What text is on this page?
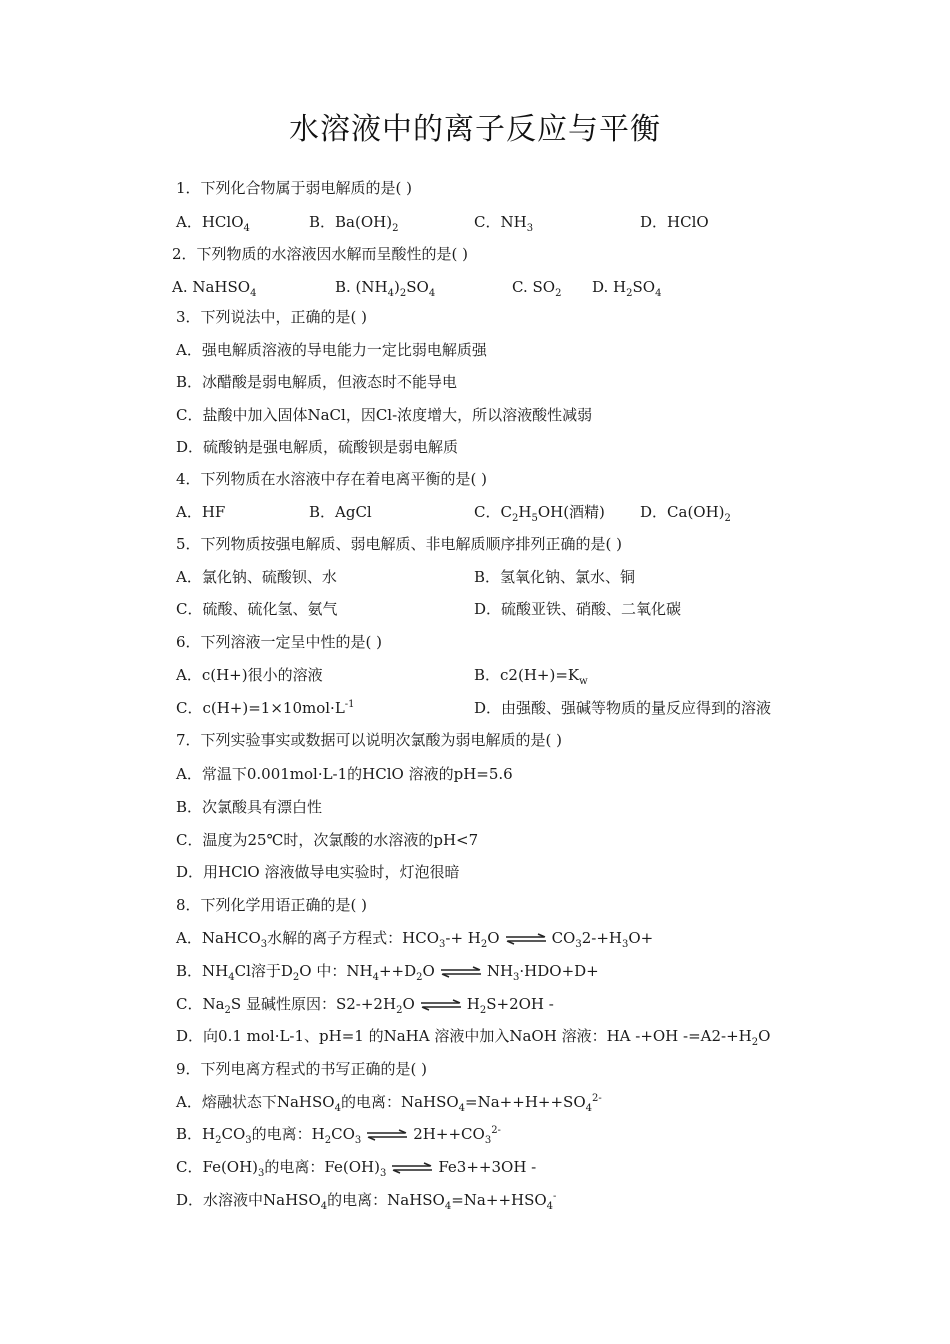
水溶液中的离子反应与平衡
1．下列化合物属于弱电解质的是( )
A．HClO$_4$	B．$Ba(OH)_2$	C．$NH_3$	D．HClO
2．下列物质的水溶液因水解而呈酸性的是( )
A. NaHSO$_4$	B. $(NH_4)_2SO_4$	C. $SO_2$ D. $H_2SO_4$
3．下列说法中，正确的是( )
A．强电解质溶液的导电能力一定比弱电解质强
B．冰醋酸是弱电解质，但液态时不能导电
C．盐酸中加入固体NaCl，因Cl-浓度增大，所以溶液酸性减弱
D．硫酸钠是强电解质，硫酸钡是弱电解质
4．下列物质在水溶液中存在着电离平衡的是( )
A．HF	B．AgCl	C．$C_2H_5OH$(酒精) D．$Ca(OH)_2$
5．下列物质按强电解质、弱电解质、非电解质顺序排列正确的是( )
A．氯化钠、硫酸钡、水	B．氢氧化钠、氯水、铜
C．硫酸、硫化氢、氨气	D．硫酸亚铁、硝酸、二氧化碳
6．下列溶液一定呈中性的是( )
A．c(H+)很小的溶液	B．$c2(H+)=K_w$
C．$c(H+)=1\times 10mol\cdot L^{-1}$	D．由强酸、强碱等物质的量反应得到的溶液
7．下列实验事实或数据可以说明次氯酸为弱电解质的是( )
A．常温下0.001mol·L-1的HClO 溶液的pH=5.6
B．次氯酸具有漂白性
C．温度为25℃时，次氯酸的水溶液的pH<7
D．用HClO 溶液做导电实验时，灯泡很暗
8．下列化学用语正确的是( )
A．NaHCO$_3$水解的离子方程式：$HCO_3-+ H_2O$	$CO_32-+H_3O+$
B．$NH_4Cl$溶于$D_2O$ 中：$NH_4++D_2O$	$NH_3\cdot HDO+D+$
C．$Na_2S$ 显碱性原因：$S2-+2H_2O$	$H_2S+2OH$ -
D．向0.1 mol·L-1、pH=1 的NaHA 溶液中加入NaOH 溶液：HA -+OH $-=A2-+H_2O$
9．下列电离方程式的书写正确的是( )
A．熔融状态下NaHSO$_4$的电离：$NaHSO_4=Na++H++SO_4^{2-}$
B．$H_2CO_3$的电离：$H_2CO_3$	$2H++CO_3^{2-}$
C．$Fe(OH)_3$的电离：$Fe(OH)_3$	Fe3++3OH -
D．水溶液中NaHSO$_4$的电离：$NaHSO_4=Na++HSO_4^-$
